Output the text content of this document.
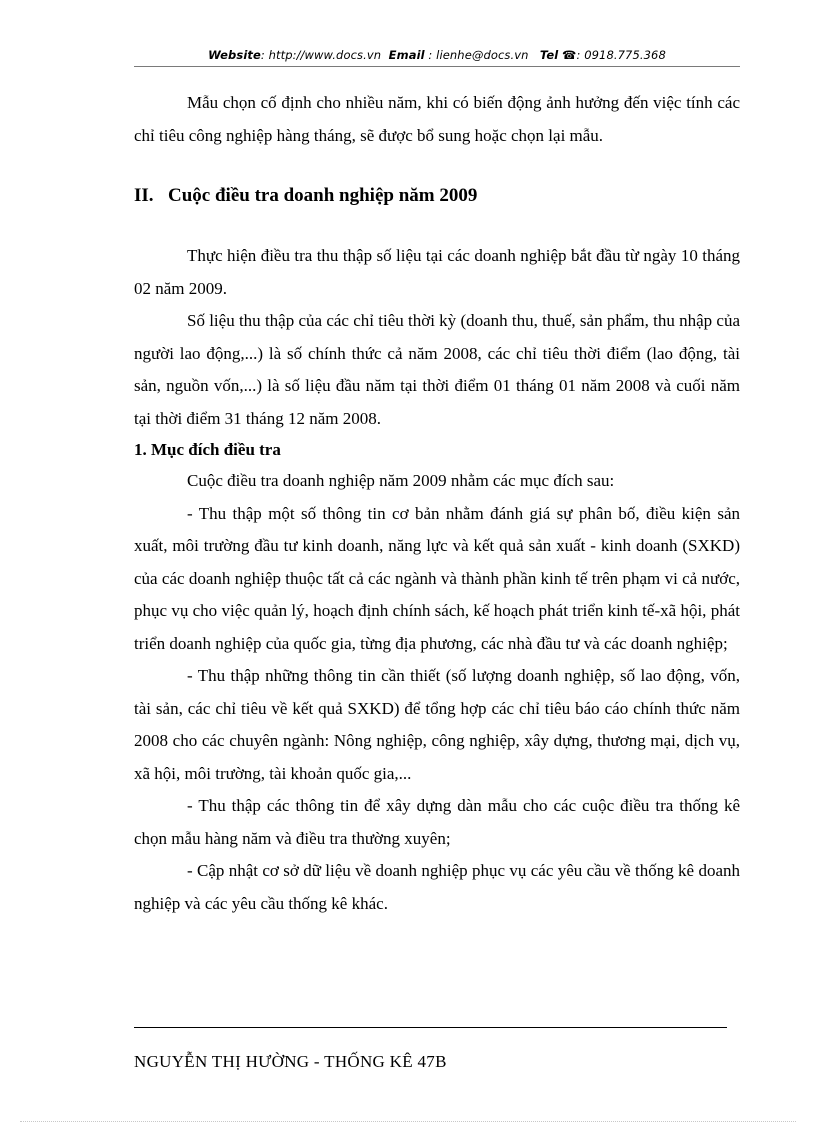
Website: http://www.docs.vn Email : lienhe@docs.vn Tel ☎: 0918.775.368

Mẫu chọn cố định cho nhiều năm, khi có biến động ảnh hưởng đến việc tính các chỉ tiêu công nghiệp hàng tháng, sẽ được bổ sung hoặc chọn lại mẫu.

II. Cuộc điều tra doanh nghiệp năm 2009

Thực hiện điều tra thu thập số liệu tại các doanh nghiệp bắt đầu từ ngày 10 tháng 02 năm 2009.

Số liệu thu thập của các chỉ tiêu thời kỳ (doanh thu, thuế, sản phẩm, thu nhập của người lao động,...) là số chính thức cả năm 2008, các chỉ tiêu thời điểm (lao động, tài sản, nguồn vốn,...) là số liệu đầu năm tại thời điểm 01 tháng 01 năm 2008 và cuối năm tại thời điểm 31 tháng 12 năm 2008.

1. Mục đích điều tra

Cuộc điều tra doanh nghiệp năm 2009 nhằm các mục đích sau:

- Thu thập một số thông tin cơ bản nhằm đánh giá sự phân bố, điều kiện sản xuất, môi trường đầu tư kinh doanh, năng lực và kết quả sản xuất - kinh doanh (SXKD) của các doanh nghiệp thuộc tất cả các ngành và thành phần kinh tế trên phạm vi cả nước, phục vụ cho việc quản lý, hoạch định chính sách, kế hoạch phát triển kinh tế-xã hội, phát triển doanh nghiệp của quốc gia, từng địa phương, các nhà đầu tư và các doanh nghiệp;

- Thu thập những thông tin cần thiết (số lượng doanh nghiệp, số lao động, vốn, tài sản, các chỉ tiêu về kết quả SXKD) để tổng hợp các chỉ tiêu báo cáo chính thức năm 2008 cho các chuyên ngành: Nông nghiệp, công nghiệp, xây dựng, thương mại, dịch vụ, xã hội, môi trường, tài khoản quốc gia,...

- Thu thập các thông tin để xây dựng dàn mẫu cho các cuộc điều tra thống kê chọn mẫu hàng năm và điều tra thường xuyên;

- Cập nhật cơ sở dữ liệu về doanh nghiệp phục vụ các yêu cầu về thống kê doanh nghiệp và các yêu cầu thống kê khác.

NGUYỄN THỊ HƯỜNG - THỐNG KÊ 47B
